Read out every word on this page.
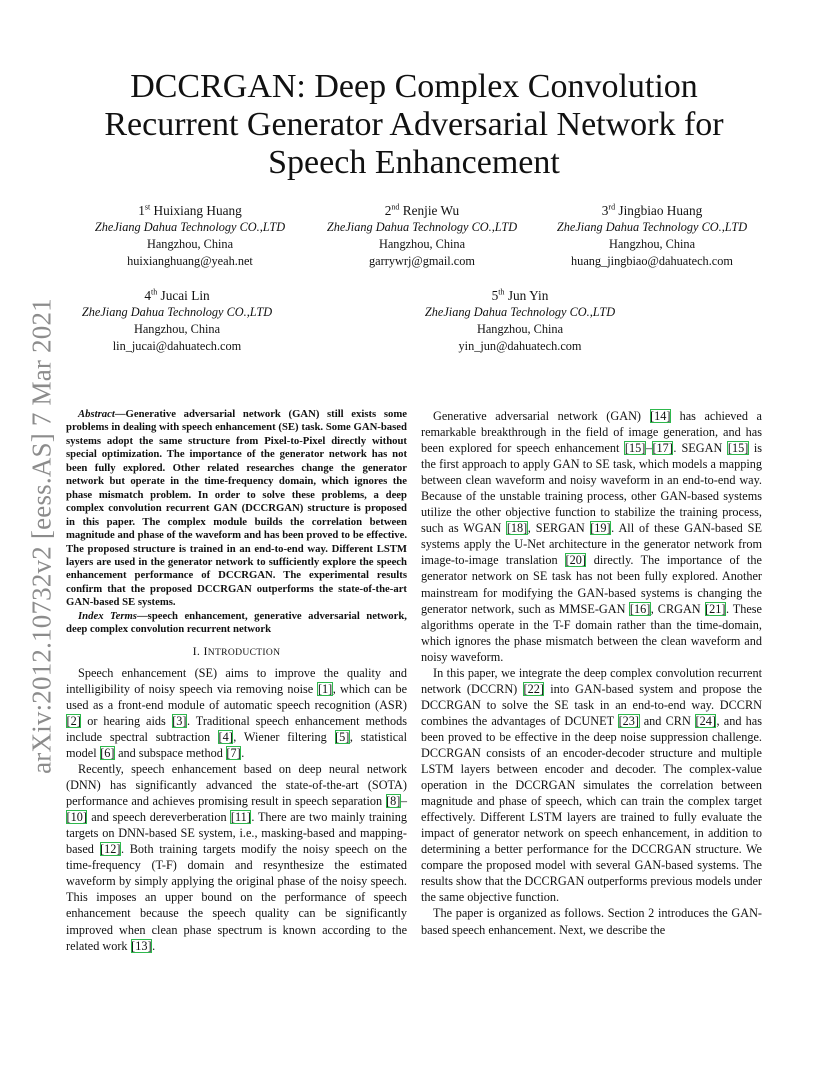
arXiv:2012.10732v2 [eess.AS] 7 Mar 2021
DCCRGAN: Deep Complex Convolution Recurrent Generator Adversarial Network for Speech Enhancement
1st Huixiang Huang
ZheJiang Dahua Technology CO.,LTD
Hangzhou, China
huixianghuang@yeah.net
2nd Renjie Wu
ZheJiang Dahua Technology CO.,LTD
Hangzhou, China
garrywrj@gmail.com
3rd Jingbiao Huang
ZheJiang Dahua Technology CO.,LTD
Hangzhou, China
huang_jingbiao@dahuatech.com
4th Jucai Lin
ZheJiang Dahua Technology CO.,LTD
Hangzhou, China
lin_jucai@dahuatech.com
5th Jun Yin
ZheJiang Dahua Technology CO.,LTD
Hangzhou, China
yin_jun@dahuatech.com

Abstract—Generative adversarial network (GAN) still exists some problems in dealing with speech enhancement (SE) task. Some GAN-based systems adopt the same structure from Pixel-to-Pixel directly without special optimization. The importance of the generator network has not been fully explored. Other related researches change the generator network but operate in the time-frequency domain, which ignores the phase mismatch problem. In order to solve these problems, a deep complex convolution recurrent GAN (DCCRGAN) structure is proposed in this paper. The complex module builds the correlation between magnitude and phase of the waveform and has been proved to be effective. The proposed structure is trained in an end-to-end way. Different LSTM layers are used in the generator network to sufficiently explore the speech enhancement performance of DCCRGAN. The experimental results confirm that the proposed DCCRGAN outperforms the state-of-the-art GAN-based SE systems.

Index Terms—speech enhancement, generative adversarial network, deep complex convolution recurrent network

I. INTRODUCTION

Speech enhancement (SE) aims to improve the quality and intelligibility of noisy speech via removing noise [ 1 ] , which can be used as a front-end module of automatic speech recognition (ASR) [ 2 ] or hearing aids [ 3 ] . Traditional speech enhancement methods include spectral subtraction [ 4 ] , Wiener filtering [ 5 ] , statistical model [ 6 ] and subspace method [ 7 ] .

Recently, speech enhancement based on deep neural network (DNN) has significantly advanced the state-of-the-art (SOTA) performance and achieves promising result in speech separation [ 8 ] –[ 10 ] and speech dereverberation [ 11 ] . There are two mainly training targets on DNN-based SE system, i.e., masking-based and mapping-based [ 12 ] . Both training targets modify the noisy speech on the time-frequency (T-F) domain and resynthesize the estimated waveform by simply applying the original phase of the noisy speech. This imposes an upper bound on the performance of speech enhancement because the speech quality can be significantly improved when clean phase spectrum is known according to the related work [ 13 ] .

Generative adversarial network (GAN) [ 14 ] has achieved a remarkable breakthrough in the field of image generation, and has been explored for speech enhancement [ 15 ] –[ 17 ] . SEGAN [ 15 ] is the first approach to apply GAN to SE task, which models a mapping between clean waveform and noisy waveform in an end-to-end way. Because of the unstable training process, other GAN-based systems utilize the other objective function to stabilize the training process, such as WGAN [ 18 ] , SERGAN [ 19 ] . All of these GAN-based SE systems apply the U-Net architecture in the generator network from image-to-image translation [ 20 ] directly. The importance of the generator network on SE task has not been fully explored. Another mainstream for modifying the GAN-based systems is changing the generator network, such as MMSE-GAN [ 16 ] , CRGAN [ 21 ] . These algorithms operate in the T-F domain rather than the time-domain, which ignores the phase mismatch between the clean waveform and noisy waveform.

In this paper, we integrate the deep complex convolution recurrent network (DCCRN) [ 22 ] into GAN-based system and propose the DCCRGAN to solve the SE task in an end-to-end way. DCCRN combines the advantages of DCUNET [ 23 ] and CRN [ 24 ] , and has been proved to be effective in the deep noise suppression challenge. DCCRGAN consists of an encoder-decoder structure and multiple LSTM layers between encoder and decoder. The complex-value operation in the DCCRGAN simulates the correlation between magnitude and phase of speech, which can train the complex target effectively. Different LSTM layers are trained to fully evaluate the impact of generator network on speech enhancement, in addition to determining a better performance for the DCCRGAN structure. We compare the proposed model with several GAN-based systems. The results show that the DCCRGAN outperforms previous models under the same objective function.

The paper is organized as follows. Section 2 introduces the GAN-based speech enhancement. Next, we describe the
